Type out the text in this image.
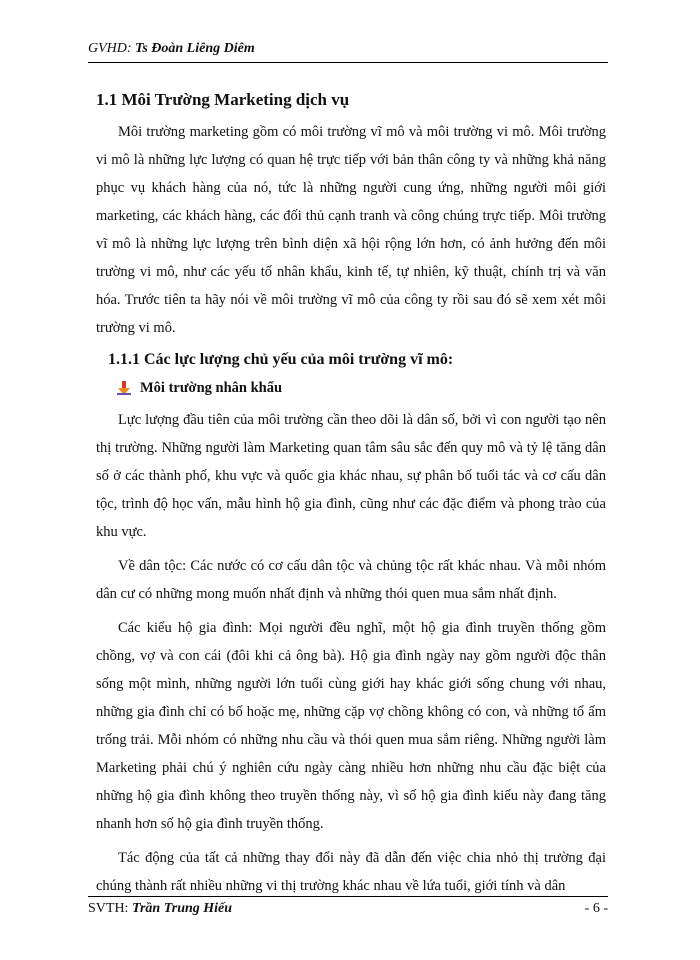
GVHD: Ts Đoàn Liêng Diêm
1.1 Môi Trường Marketing dịch vụ

Môi trường marketing gồm có môi trường vĩ mô và môi trường vi mô. Môi trường vi mô là những lực lượng có quan hệ trực tiếp với bản thân công ty và những khả năng phục vụ khách hàng của nó, tức là những người cung ứng, những người môi giới marketing, các khách hàng, các đối thủ cạnh tranh và công chúng trực tiếp. Môi trường vĩ mô là những lực lượng trên bình diện xã hội rộng lớn hơn, có ảnh hưởng đến môi trường vi mô, như các yếu tố nhân khẩu, kinh tế, tự nhiên, kỹ thuật, chính trị và văn hóa. Trước tiên ta hãy nói về môi trường vĩ mô của công ty rồi sau đó sẽ xem xét môi trường vi mô.

1.1.1 Các lực lượng chủ yếu của môi trường vĩ mô:
Môi trường nhân khẩu

Lực lượng đầu tiên của môi trường cần theo dõi là dân số, bởi vì con người tạo nên thị trường. Những người làm Marketing quan tâm sâu sắc đến quy mô và tỷ lệ tăng dân số ở các thành phố, khu vực và quốc gia khác nhau, sự phân bố tuổi tác và cơ cấu dân tộc, trình độ học vấn, mẫu hình hộ gia đình, cũng như các đặc điểm và phong trào của khu vực.

Về dân tộc: Các nước có cơ cấu dân tộc và chủng tộc rất khác nhau. Và mỗi nhóm dân cư có những mong muốn nhất định và những thói quen mua sắm nhất định.

Các kiểu hộ gia đình: Mọi người đều nghĩ, một hộ gia đình truyền thống gồm chồng, vợ và con cái (đôi khi cả ông bà). Hộ gia đình ngày nay gồm người độc thân sống một mình, những người lớn tuổi cùng giới hay khác giới sống chung với nhau, những gia đình chỉ có bố hoặc mẹ, những cặp vợ chồng không có con, và những tổ ấm trống trải. Mỗi nhóm có những nhu cầu và thói quen mua sắm riêng. Những người làm Marketing phải chú ý nghiên cứu ngày càng nhiều hơn những nhu cầu đặc biệt của những hộ gia đình không theo truyền thống này, vì số hộ gia đình kiểu này đang tăng nhanh hơn số hộ gia đình truyền thống.

Tác động của tất cả những thay đổi này đã dẫn đến việc chia nhỏ thị trường đại chúng thành rất nhiều những vi thị trường khác nhau về lứa tuổi, giới tính và dân

SVTH: Trần Trung Hiếu	- 6 -
